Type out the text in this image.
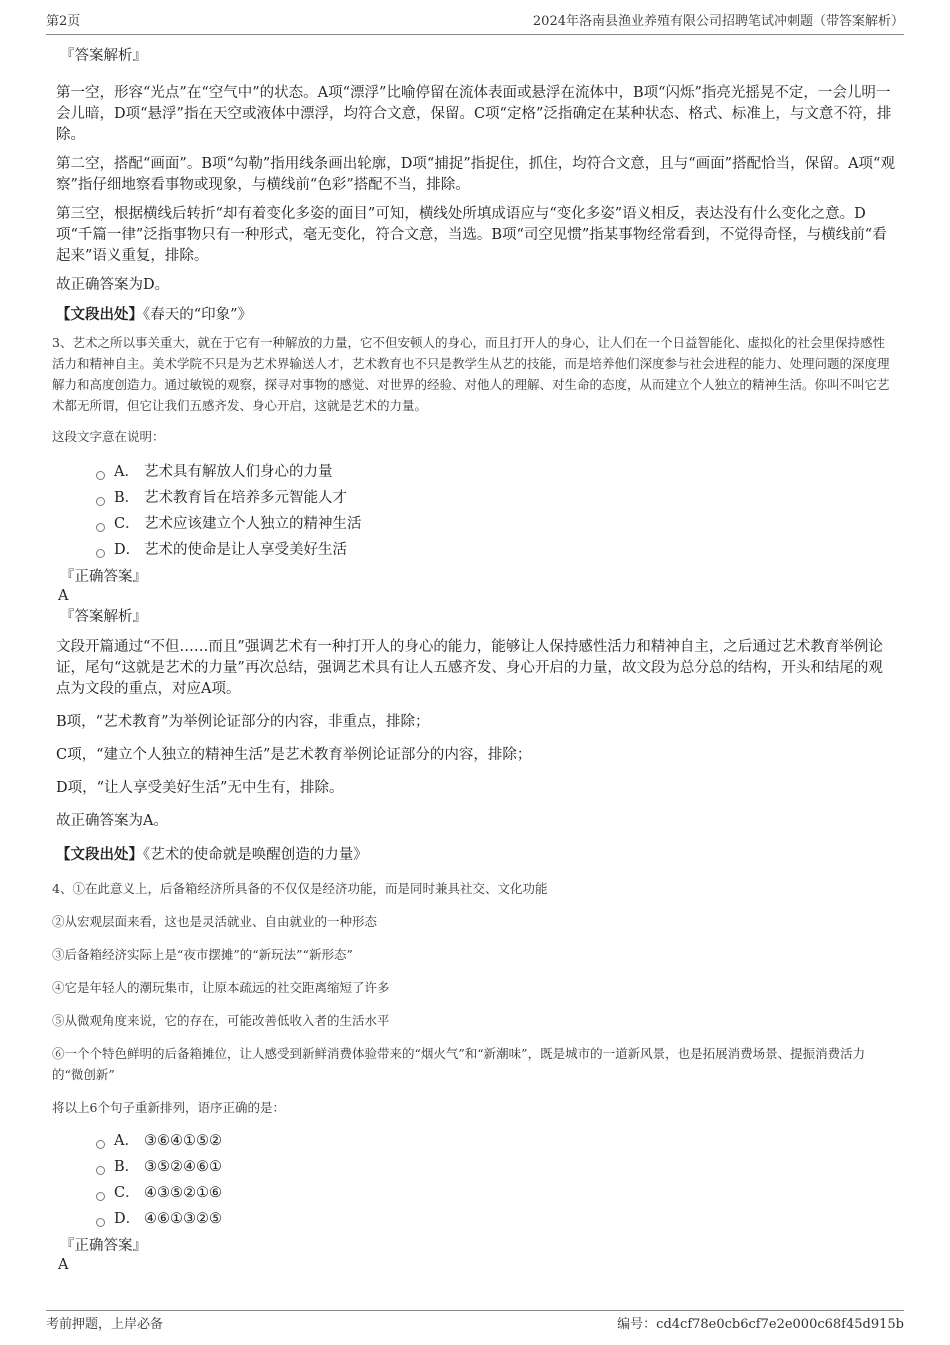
第2页	2024年洛南县渔业养殖有限公司招聘笔试冲刺题（带答案解析）

『答案解析』

第一空，形容“光点”在“空气中”的状态。A项“漂浮”比喻停留在流体表面或悬浮在流体中，B项“闪烁”指亮光摇晃不定，一会儿明一会儿暗，D项“悬浮”指在天空或液体中漂浮，均符合文意，保留。C项“定格”泛指确定在某种状态、格式、标准上，与文意不符，排除。

第二空，搭配“画面”。B项“勾勒”指用线条画出轮廓，D项“捕捉”指捉住，抓住，均符合文意，且与“画面”搭配恰当，保留。A项“观察”指仔细地察看事物或现象，与横线前“色彩”搭配不当，排除。

第三空，根据横线后转折“却有着变化多姿的面目”可知，横线处所填成语应与“变化多姿”语义相反，表达没有什么变化之意。D项“千篇一律”泛指事物只有一种形式，毫无变化，符合文意，当选。B项“司空见惯”指某事物经常看到，不觉得奇怪，与横线前“看起来”语义重复，排除。

故正确答案为D。

【文段出处】《春天的“印象”》

3、艺术之所以事关重大，就在于它有一种解放的力量，它不但安顿人的身心，而且打开人的身心，让人们在一个日益智能化、虚拟化的社会里保持感性活力和精神自主。美术学院不只是为艺术界输送人才，艺术教育也不只是教学生从艺的技能，而是培养他们深度参与社会进程的能力、处理问题的深度理解力和高度创造力。通过敏锐的观察，探寻对事物的感觉、对世界的经验、对他人的理解、对生命的态度，从而建立个人独立的精神生活。你叫不叫它艺术都无所谓，但它让我们五感齐发、身心开启，这就是艺术的力量。

这段文字意在说明：

A． 艺术具有解放人们身心的力量
B． 艺术教育旨在培养多元智能人才
C． 艺术应该建立个人独立的精神生活
D． 艺术的使命是让人享受美好生活

『正确答案』

A

『答案解析』

文段开篇通过“不但……而且”强调艺术有一种打开人的身心的能力，能够让人保持感性活力和精神自主，之后通过艺术教育举例论证，尾句“这就是艺术的力量”再次总结，强调艺术具有让人五感齐发、身心开启的力量，故文段为总分总的结构，开头和结尾的观点为文段的重点，对应A项。

B项，“艺术教育”为举例论证部分的内容，非重点，排除；

C项，“建立个人独立的精神生活”是艺术教育举例论证部分的内容，排除；

D项，“让人享受美好生活”无中生有，排除。

故正确答案为A。

【文段出处】《艺术的使命就是唤醒创造的力量》

4、①在此意义上，后备箱经济所具备的不仅仅是经济功能，而是同时兼具社交、文化功能

②从宏观层面来看，这也是灵活就业、自由就业的一种形态

③后备箱经济实际上是“夜市摆摊”的“新玩法”“新形态”

④它是年轻人的潮玩集市，让原本疏远的社交距离缩短了许多

⑤从微观角度来说，它的存在，可能改善低收入者的生活水平

⑥一个个特色鲜明的后备箱摊位，让人感受到新鲜消费体验带来的“烟火气”和“新潮味”，既是城市的一道新风景，也是拓展消费场景、提振消费活力的“微创新”

将以上6个句子重新排列，语序正确的是：

A． ③⑥④①⑤②
B． ③⑤②④⑥①
C． ④③⑤②①⑥
D． ④⑥①③②⑤

『正确答案』

A

考前押题，上岸必备	编号：cd4cf78e0cb6cf7e2e000c68f45d915b
